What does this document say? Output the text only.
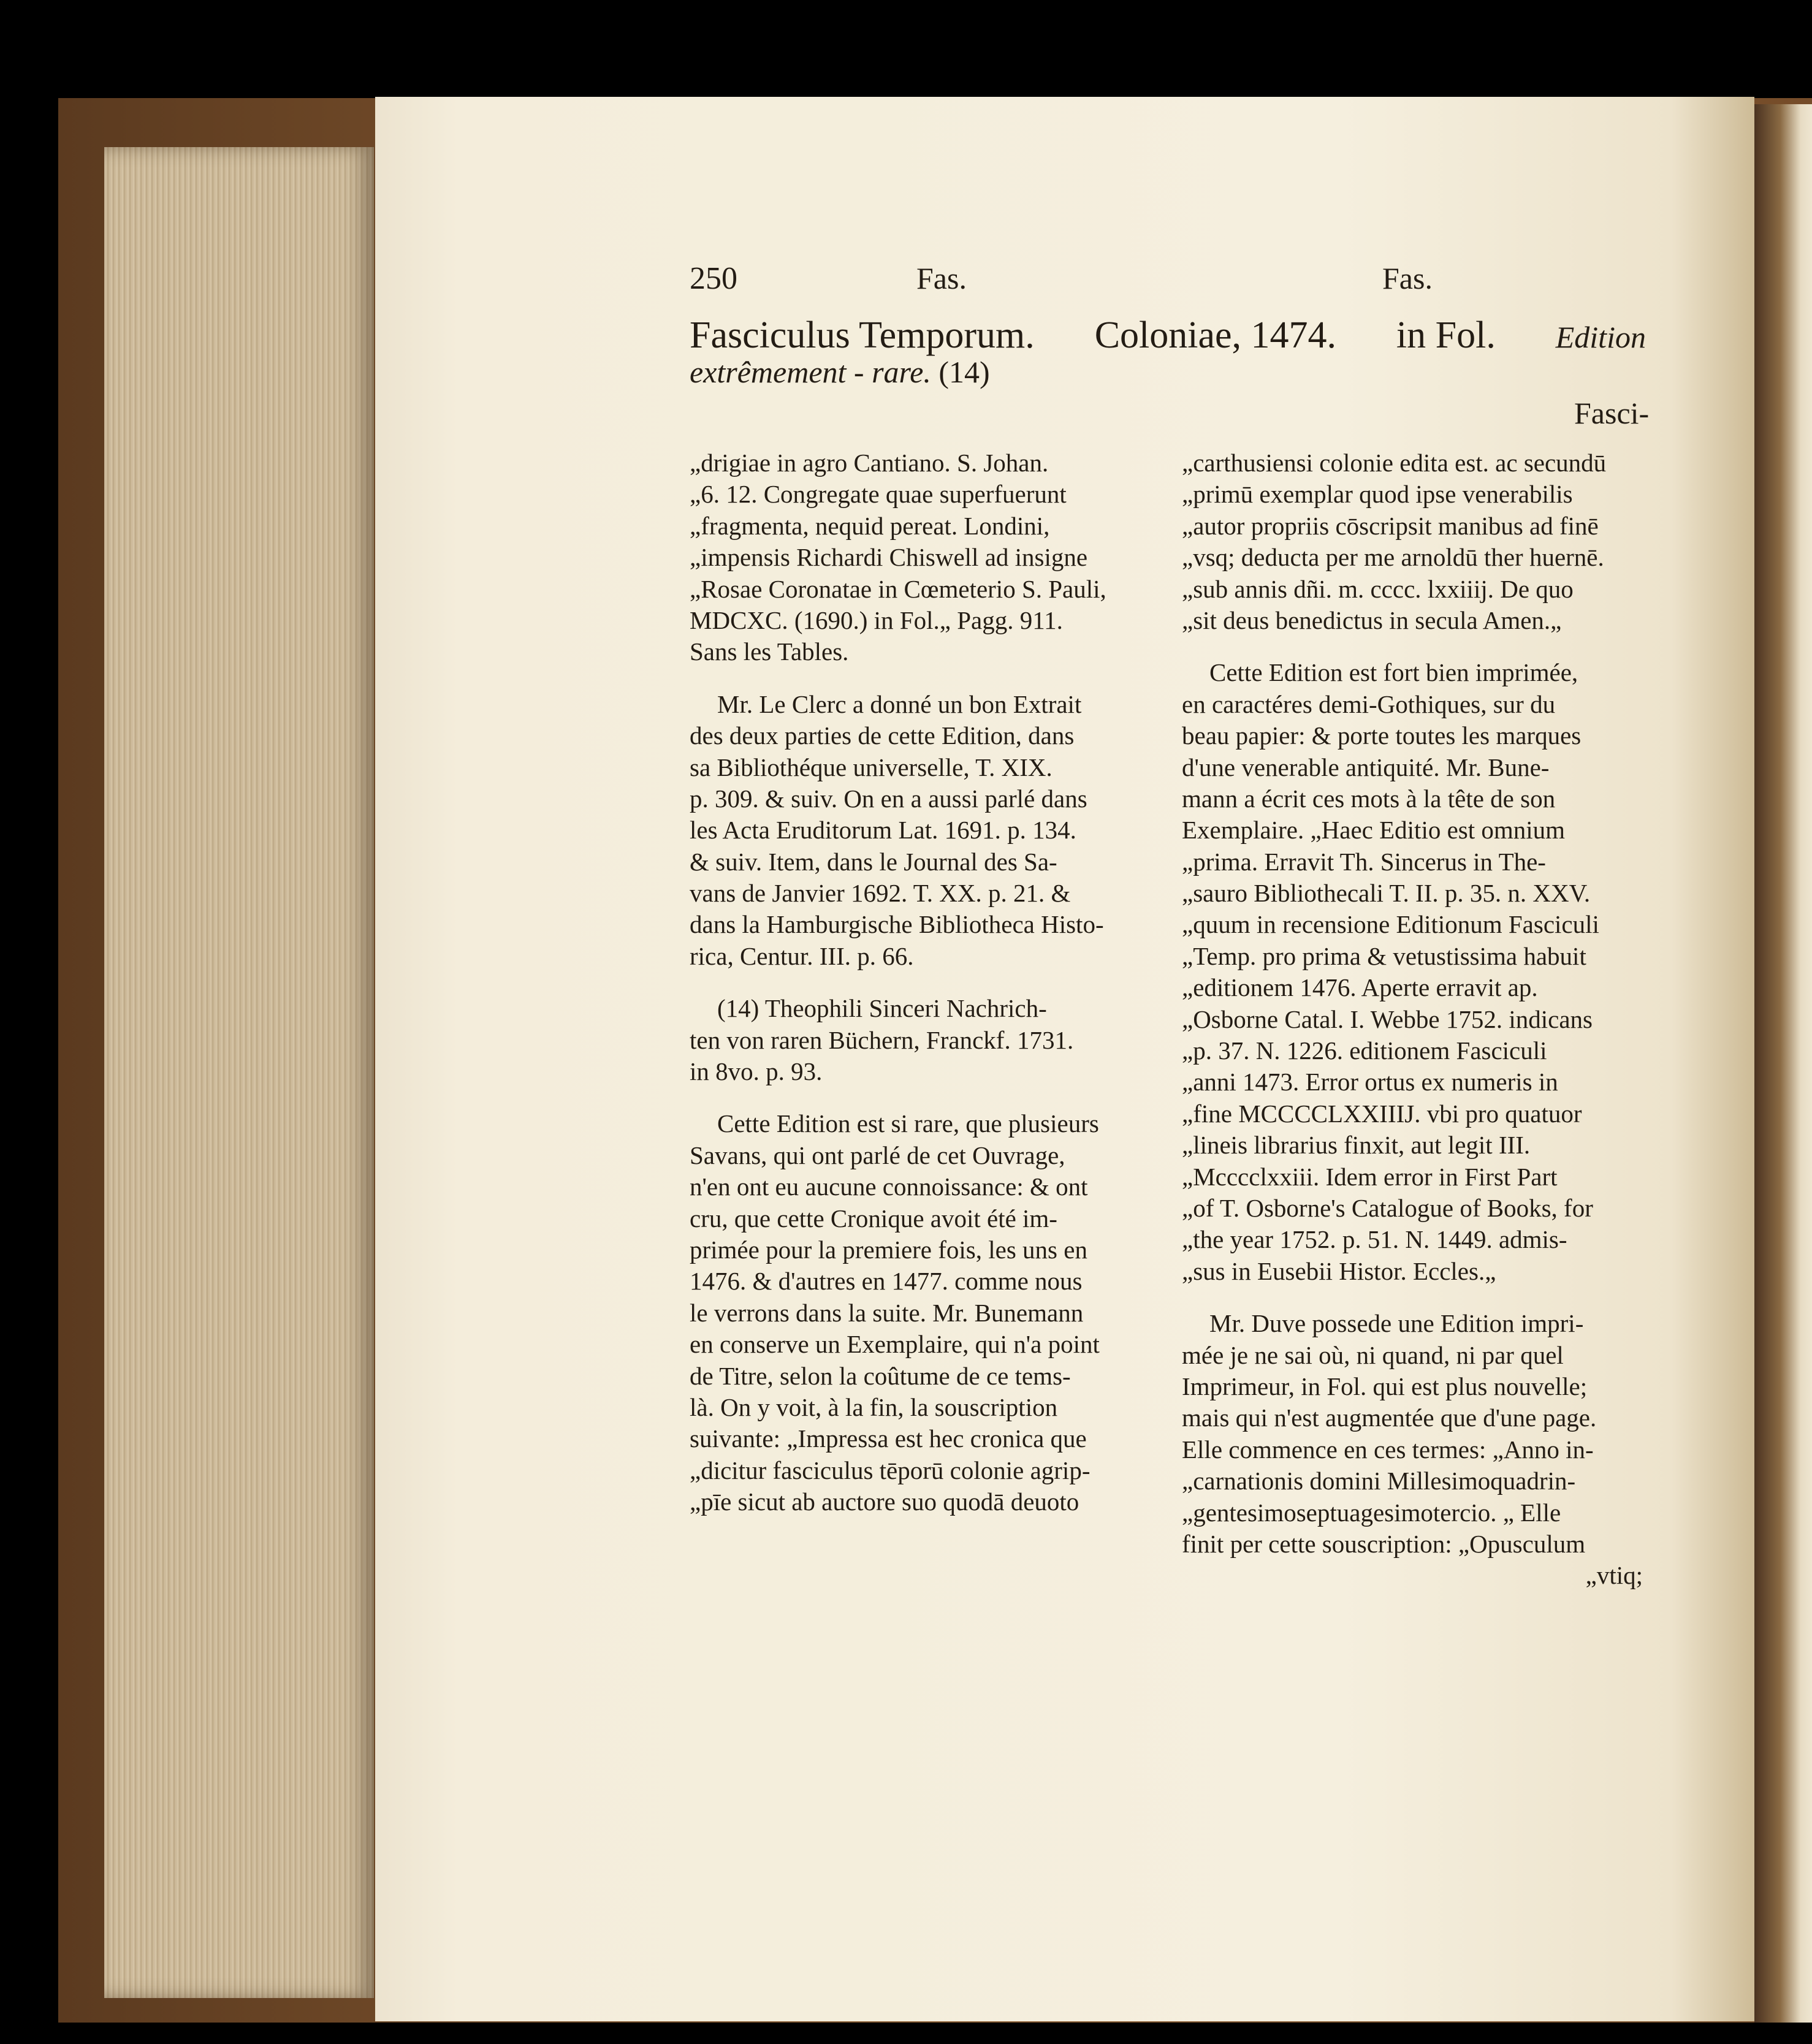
250	Fas.	Fas.
Fasciculus Temporum. Coloniae, 1474. in Fol. Edition
extrêmement - rare. (14)
Fasci-
„drigiae in agro Cantiano. S. Johan.
„6. 12. Congregate quae superfuerunt
„fragmenta, nequid pereat. Londini,
„impensis Richardi Chiswell ad insigne
„Rosae Coronatae in Cœmeterio S. Pauli,
MDCXC. (1690.) in Fol.„ Pagg. 911.
Sans les Tables.
Mr. Le Clerc a donné un bon Extrait
des deux parties de cette Edition, dans
sa Bibliothéque universelle, T. XIX.
p. 309. & suiv. On en a aussi parlé dans
les Acta Eruditorum Lat. 1691. p. 134.
& suiv. Item, dans le Journal des Sa-
vans de Janvier 1692. T. XX. p. 21. &
dans la Hamburgische Bibliotheca Histo-
rica, Centur. III. p. 66.
(14) Theophili Sinceri Nachrich-
ten von raren Büchern, Franckf. 1731.
in 8vo. p. 93.
Cette Edition est si rare, que plusieurs
Savans, qui ont parlé de cet Ouvrage,
n'en ont eu aucune connoissance: & ont
cru, que cette Cronique avoit été im-
primée pour la premiere fois, les uns en
1476. & d'autres en 1477. comme nous
le verrons dans la suite. Mr. Bunemann
en conserve un Exemplaire, qui n'a point
de Titre, selon la coûtume de ce tems-
là. On y voit, à la fin, la souscription
suivante: „Impressa est hec cronica que
„dicitur fasciculus tēporū colonie agrip-
„pīe sicut ab auctore suo quodā deuoto
„carthusiensi colonie edita est. ac secundū
„primū exemplar quod ipse venerabilis
„autor propriis cōscripsit manibus ad finē
„vsq; deducta per me arnoldū ther huernē.
„sub annis dñi. m. cccc. lxxiiij. De quo
„sit deus benedictus in secula Amen.„
Cette Edition est fort bien imprimée,
en caractéres demi-Gothiques, sur du
beau papier: & porte toutes les marques
d'une venerable antiquité. Mr. Bune-
mann a écrit ces mots à la tête de son
Exemplaire. „Haec Editio est omnium
„prima. Erravit Th. Sincerus in The-
„sauro Bibliothecali T. II. p. 35. n. XXV.
„quum in recensione Editionum Fasciculi
„Temp. pro prima & vetustissima habuit
„editionem 1476. Aperte erravit ap.
„Osborne Catal. I. Webbe 1752. indicans
„p. 37. N. 1226. editionem Fasciculi
„anni 1473. Error ortus ex numeris in
„fine MCCCCLXXIIIJ. vbi pro quatuor
„lineis librarius finxit, aut legit III.
„Mcccclxxiii. Idem error in First Part
„of T. Osborne's Catalogue of Books, for
„the year 1752. p. 51. N. 1449. admis-
„sus in Eusebii Histor. Eccles.„
Mr. Duve possede une Edition impri-
mée je ne sai où, ni quand, ni par quel
Imprimeur, in Fol. qui est plus nouvelle;
mais qui n'est augmentée que d'une page.
Elle commence en ces termes: „Anno in-
„carnationis domini Millesimoquadrin-
„gentesimoseptuagesimotercio. „ Elle
finit per cette souscription: „Opusculum
„vtiq;
